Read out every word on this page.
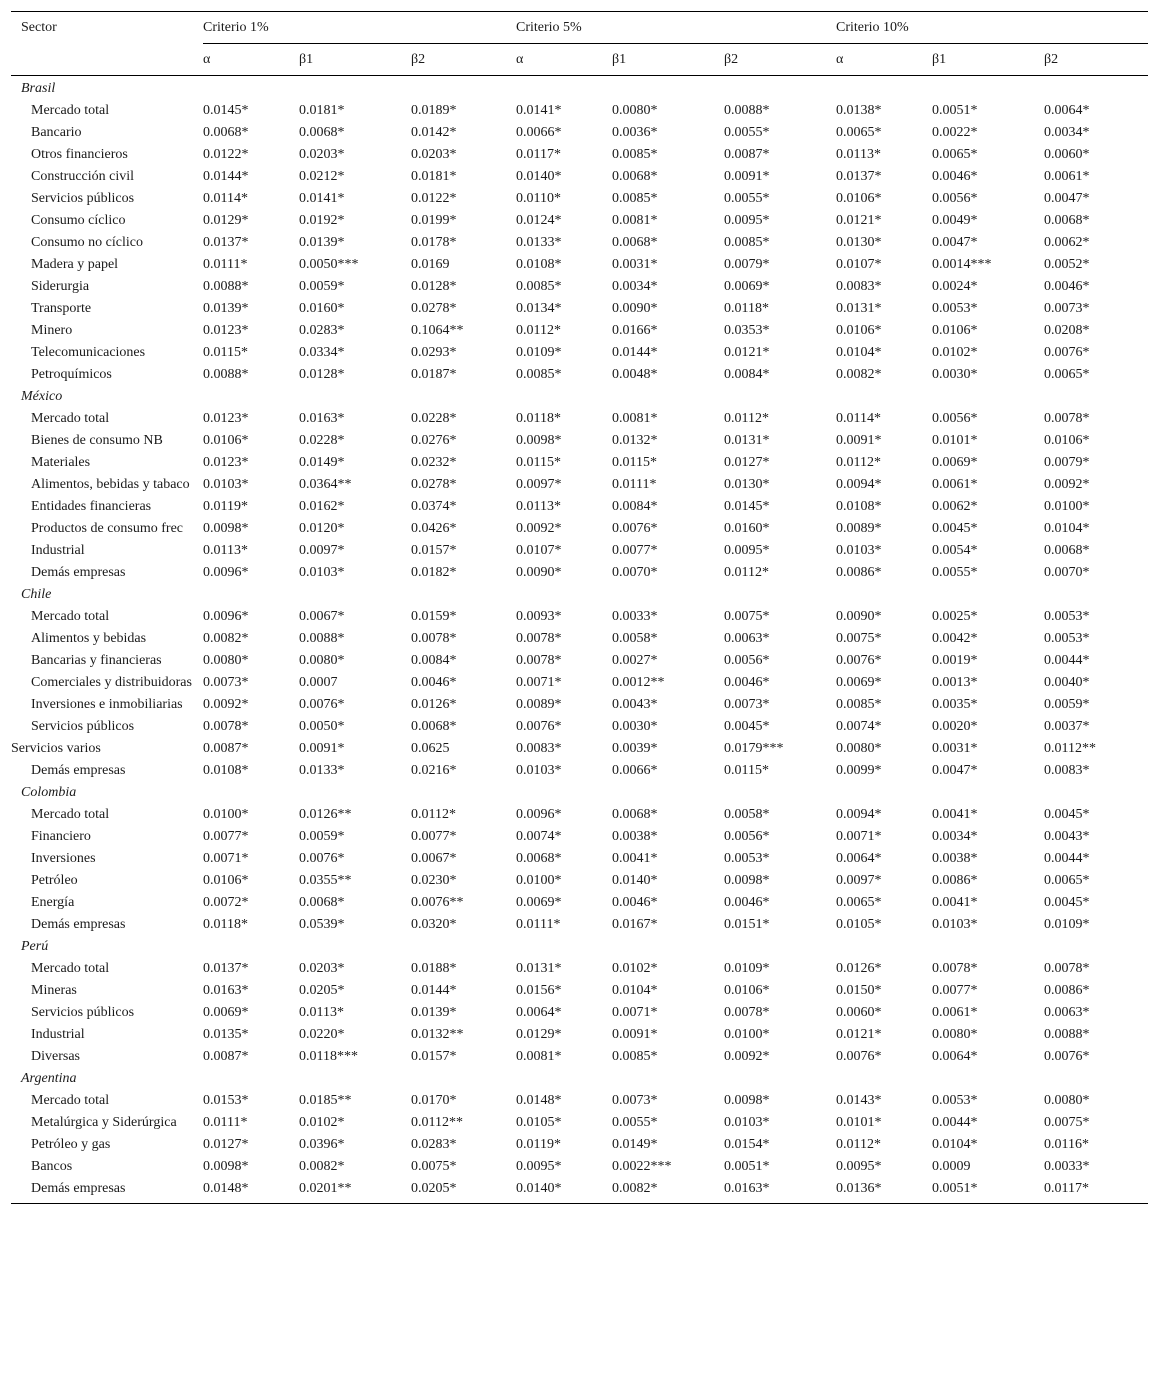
Sector	Criterio 1%			Criterio 5%			Criterio 10%		
	α	β1	β2	α	β1	β2	α	β1	β2
Brasil									
Mercado total	0.0145*	0.0181*	0.0189*	0.0141*	0.0080*	0.0088*	0.0138*	0.0051*	0.0064*
Bancario	0.0068*	0.0068*	0.0142*	0.0066*	0.0036*	0.0055*	0.0065*	0.0022*	0.0034*
Otros financieros	0.0122*	0.0203*	0.0203*	0.0117*	0.0085*	0.0087*	0.0113*	0.0065*	0.0060*
Construcción civil	0.0144*	0.0212*	0.0181*	0.0140*	0.0068*	0.0091*	0.0137*	0.0046*	0.0061*
Servicios públicos	0.0114*	0.0141*	0.0122*	0.0110*	0.0085*	0.0055*	0.0106*	0.0056*	0.0047*
Consumo cíclico	0.0129*	0.0192*	0.0199*	0.0124*	0.0081*	0.0095*	0.0121*	0.0049*	0.0068*
Consumo no cíclico	0.0137*	0.0139*	0.0178*	0.0133*	0.0068*	0.0085*	0.0130*	0.0047*	0.0062*
Madera y papel	0.0111*	0.0050***	0.0169	0.0108*	0.0031*	0.0079*	0.0107*	0.0014***	0.0052*
Siderurgia	0.0088*	0.0059*	0.0128*	0.0085*	0.0034*	0.0069*	0.0083*	0.0024*	0.0046*
Transporte	0.0139*	0.0160*	0.0278*	0.0134*	0.0090*	0.0118*	0.0131*	0.0053*	0.0073*
Minero	0.0123*	0.0283*	0.1064**	0.0112*	0.0166*	0.0353*	0.0106*	0.0106*	0.0208*
Telecomunicaciones	0.0115*	0.0334*	0.0293*	0.0109*	0.0144*	0.0121*	0.0104*	0.0102*	0.0076*
Petroquímicos	0.0088*	0.0128*	0.0187*	0.0085*	0.0048*	0.0084*	0.0082*	0.0030*	0.0065*
México									
Mercado total	0.0123*	0.0163*	0.0228*	0.0118*	0.0081*	0.0112*	0.0114*	0.0056*	0.0078*
Bienes de consumo NB	0.0106*	0.0228*	0.0276*	0.0098*	0.0132*	0.0131*	0.0091*	0.0101*	0.0106*
Materiales	0.0123*	0.0149*	0.0232*	0.0115*	0.0115*	0.0127*	0.0112*	0.0069*	0.0079*
Alimentos, bebidas y tabaco	0.0103*	0.0364**	0.0278*	0.0097*	0.0111*	0.0130*	0.0094*	0.0061*	0.0092*
Entidades financieras	0.0119*	0.0162*	0.0374*	0.0113*	0.0084*	0.0145*	0.0108*	0.0062*	0.0100*
Productos de consumo frec	0.0098*	0.0120*	0.0426*	0.0092*	0.0076*	0.0160*	0.0089*	0.0045*	0.0104*
Industrial	0.0113*	0.0097*	0.0157*	0.0107*	0.0077*	0.0095*	0.0103*	0.0054*	0.0068*
Demás empresas	0.0096*	0.0103*	0.0182*	0.0090*	0.0070*	0.0112*	0.0086*	0.0055*	0.0070*
Chile									
Mercado total	0.0096*	0.0067*	0.0159*	0.0093*	0.0033*	0.0075*	0.0090*	0.0025*	0.0053*
Alimentos y bebidas	0.0082*	0.0088*	0.0078*	0.0078*	0.0058*	0.0063*	0.0075*	0.0042*	0.0053*
Bancarias y financieras	0.0080*	0.0080*	0.0084*	0.0078*	0.0027*	0.0056*	0.0076*	0.0019*	0.0044*
Comerciales y distribuidoras	0.0073*	0.0007	0.0046*	0.0071*	0.0012**	0.0046*	0.0069*	0.0013*	0.0040*
Inversiones e inmobiliarias	0.0092*	0.0076*	0.0126*	0.0089*	0.0043*	0.0073*	0.0085*	0.0035*	0.0059*
Servicios públicos	0.0078*	0.0050*	0.0068*	0.0076*	0.0030*	0.0045*	0.0074*	0.0020*	0.0037*
Servicios varios	0.0087*	0.0091*	0.0625	0.0083*	0.0039*	0.0179***	0.0080*	0.0031*	0.0112**
Demás empresas	0.0108*	0.0133*	0.0216*	0.0103*	0.0066*	0.0115*	0.0099*	0.0047*	0.0083*
Colombia									
Mercado total	0.0100*	0.0126**	0.0112*	0.0096*	0.0068*	0.0058*	0.0094*	0.0041*	0.0045*
Financiero	0.0077*	0.0059*	0.0077*	0.0074*	0.0038*	0.0056*	0.0071*	0.0034*	0.0043*
Inversiones	0.0071*	0.0076*	0.0067*	0.0068*	0.0041*	0.0053*	0.0064*	0.0038*	0.0044*
Petróleo	0.0106*	0.0355**	0.0230*	0.0100*	0.0140*	0.0098*	0.0097*	0.0086*	0.0065*
Energía	0.0072*	0.0068*	0.0076**	0.0069*	0.0046*	0.0046*	0.0065*	0.0041*	0.0045*
Demás empresas	0.0118*	0.0539*	0.0320*	0.0111*	0.0167*	0.0151*	0.0105*	0.0103*	0.0109*
Perú									
Mercado total	0.0137*	0.0203*	0.0188*	0.0131*	0.0102*	0.0109*	0.0126*	0.0078*	0.0078*
Mineras	0.0163*	0.0205*	0.0144*	0.0156*	0.0104*	0.0106*	0.0150*	0.0077*	0.0086*
Servicios públicos	0.0069*	0.0113*	0.0139*	0.0064*	0.0071*	0.0078*	0.0060*	0.0061*	0.0063*
Industrial	0.0135*	0.0220*	0.0132**	0.0129*	0.0091*	0.0100*	0.0121*	0.0080*	0.0088*
Diversas	0.0087*	0.0118***	0.0157*	0.0081*	0.0085*	0.0092*	0.0076*	0.0064*	0.0076*
Argentina									
Mercado total	0.0153*	0.0185**	0.0170*	0.0148*	0.0073*	0.0098*	0.0143*	0.0053*	0.0080*
Metalúrgica y Siderúrgica	0.0111*	0.0102*	0.0112**	0.0105*	0.0055*	0.0103*	0.0101*	0.0044*	0.0075*
Petróleo y gas	0.0127*	0.0396*	0.0283*	0.0119*	0.0149*	0.0154*	0.0112*	0.0104*	0.0116*
Bancos	0.0098*	0.0082*	0.0075*	0.0095*	0.0022***	0.0051*	0.0095*	0.0009	0.0033*
Demás empresas	0.0148*	0.0201**	0.0205*	0.0140*	0.0082*	0.0163*	0.0136*	0.0051*	0.0117*
